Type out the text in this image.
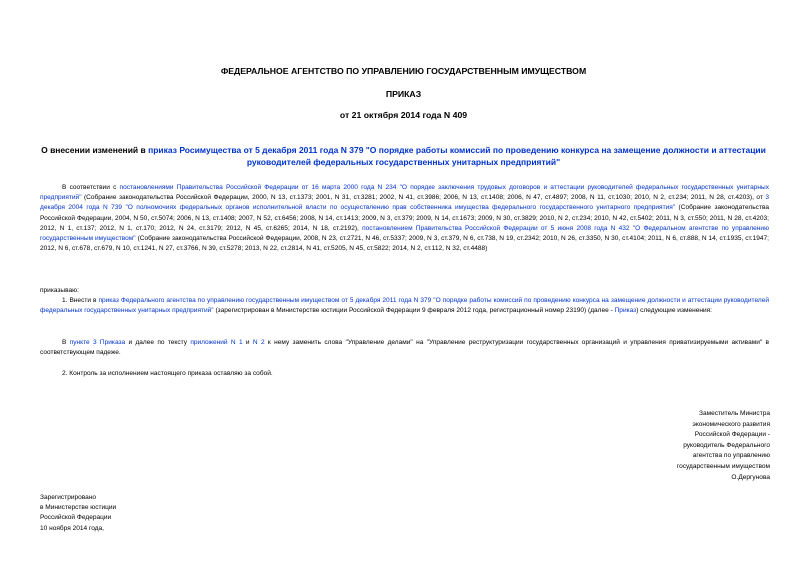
ФЕДЕРАЛЬНОЕ АГЕНТСТВО ПО УПРАВЛЕНИЮ ГОСУДАРСТВЕННЫМ ИМУЩЕСТВОМ
ПРИКАЗ
от 21 октября 2014 года N 409
О внесении изменений в приказ Росимущества от 5 декабря 2011 года N 379 "О порядке работы комиссий по проведению конкурса на замещение должности и аттестации руководителей федеральных государственных унитарных предприятий"
В соответствии с постановлениями Правительства Российской Федерации от 16 марта 2000 года N 234 "О порядке заключения трудовых договоров и аттестации руководителей федеральных государственных унитарных предприятий" (Собрание законодательства Российской Федерации, 2000, N 13, ст.1373; 2001, N 31, ст.3281; 2002, N 41, ст.3986; 2006, N 13, ст.1408; 2006, N 47, ст.4897; 2008, N 11, ст.1030; 2010, N 2, ст.234; 2011, N 28, ст.4203), от 3 декабря 2004 года N 739 "О полномочиях федеральных органов исполнительной власти по осуществлению прав собственника имущества федерального государственного унитарного предприятия" (Собрание законодательства Российской Федерации, 2004, N 50, ст.5074; 2006, N 13, ст.1408; 2007, N 52, ст.6456; 2008, N 14, ст.1413; 2009, N 3, ст.379; 2009, N 14, ст.1673; 2009, N 30, ст.3829; 2010, N 2, ст.234; 2010, N 42, ст.5402; 2011, N 3, ст.550; 2011, N 28, ст.4203; 2012, N 1, ст.137; 2012, N 1, ст.170; 2012, N 24, ст.3179; 2012, N 45, ст.6265; 2014, N 18, ст.2192), постановлением Правительства Российской Федерации от 5 июня 2008 года N 432 "О Федеральном агентстве по управлению государственным имуществом" (Собрание законодательства Российской Федерации, 2008, N 23, ст.2721, N 46, ст.5337; 2009, N 3, ст.379, N 6, ст.738, N 19, ст.2342; 2010, N 26, ст.3350, N 30, ст.4104; 2011, N 6, ст.888, N 14, ст.1935, ст.1947; 2012, N 6, ст.678, ст.679, N 10, ст.1241, N 27, ст.3766, N 39, ст.5278; 2013, N 22, ст.2814, N 41, ст.5205, N 45, ст.5822; 2014, N 2, ст.112, N 32, ст.4488)
приказываю:
1. Внести в приказ Федерального агентства по управлению государственным имуществом от 5 декабря 2011 года N 379 "О порядке работы комиссий по проведению конкурса на замещение должности и аттестации руководителей федеральных государственных унитарных предприятий" (зарегистрирован в Министерстве юстиции Российской Федерации 9 февраля 2012 года, регистрационный номер 23190) (далее - Приказ) следующие изменения:
В пункте 3 Приказа и далее по тексту приложений N 1 и N 2 к нему заменить слова "Управление делами" на "Управление реструктуризации государственных организаций и управления приватизируемыми активами" в соответствующем падеже.
2. Контроль за исполнением настоящего приказа оставляю за собой.
Заместитель Министра
экономического развития
Российской Федерации -
руководитель Федерального
агентства по управлению
государственным имуществом
О.Дергунова
Зарегистрировано
в Министерстве юстиции
Российской Федерации
10 ноября 2014 года,
